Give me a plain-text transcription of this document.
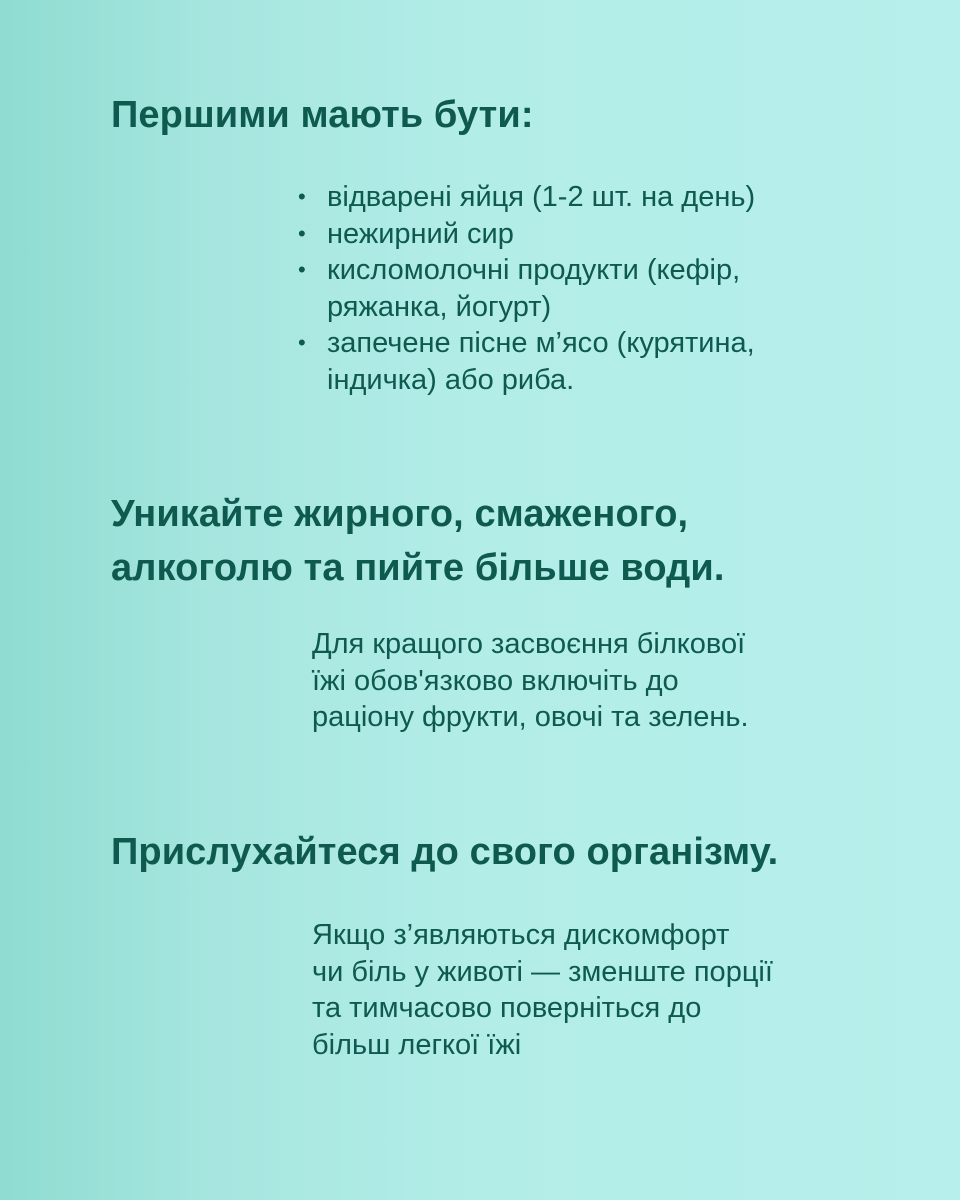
Першими мають бути:
• відварені яйця (1-2 шт. на день)
• нежирний сир
• кисломолочні продукти (кефір,
ряжанка, йогурт)
• запечене пісне м’ясо (курятина,
індичка) або риба.
Уникайте жирного, смаженого,
алкоголю та пийте більше води.

Для кращого засвоєння білкової
їжі обов'язково включіть до
раціону фрукти, овочі та зелень.

Прислухайтеся до свого організму.

Якщо з’являються дискомфорт
чи біль у животі — зменште порції
та тимчасово поверніться до
більш легкої їжі
